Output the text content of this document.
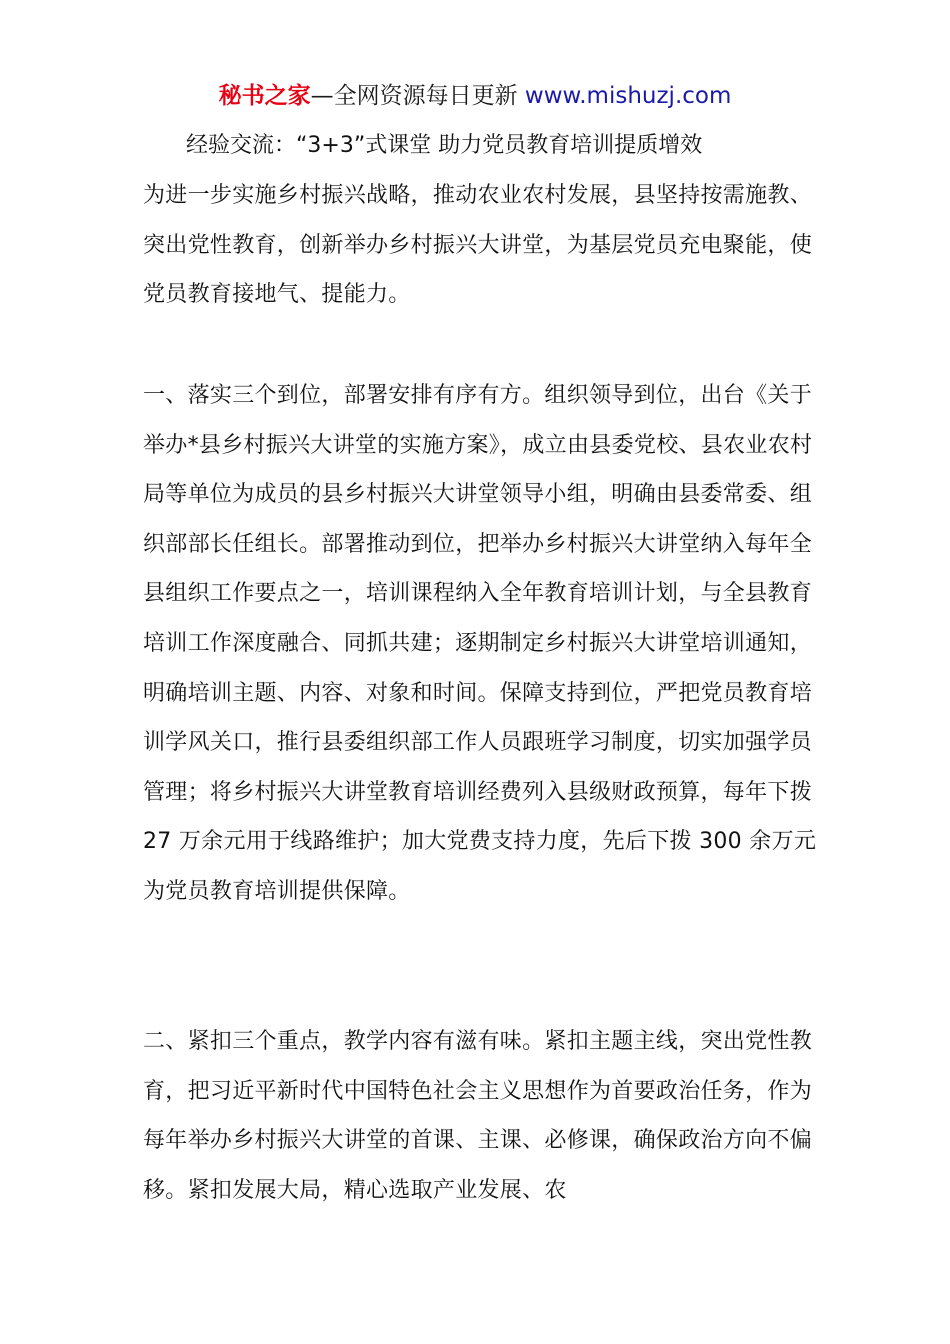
秘书之家—全网资源每日更新 www.mishuzj.com
经验交流：“3+3”式课堂 助力党员教育培训提质增效

为进一步实施乡村振兴战略，推动农业农村发展，县坚持按需施教、突出党性教育，创新举办乡村振兴大讲堂，为基层党员充电聚能，使党员教育接地气、提能力。

一、落实三个到位，部署安排有序有方。组织领导到位，出台《关于举办*县乡村振兴大讲堂的实施方案》，成立由县委党校、县农业农村局等单位为成员的县乡村振兴大讲堂领导小组，明确由县委常委、组织部部长任组长。部署推动到位，把举办乡村振兴大讲堂纳入每年全县组织工作要点之一，培训课程纳入全年教育培训计划，与全县教育培训工作深度融合、同抓共建；逐期制定乡村振兴大讲堂培训通知，明确培训主题、内容、对象和时间。保障支持到位，严把党员教育培训学风关口，推行县委组织部工作人员跟班学习制度，切实加强学员管理；将乡村振兴大讲堂教育培训经费列入县级财政预算，每年下拨 27 万余元用于线路维护；加大党费支持力度，先后下拨 300 余万元为党员教育培训提供保障。

二、紧扣三个重点，教学内容有滋有味。紧扣主题主线，突出党性教育，把习近平新时代中国特色社会主义思想作为首要政治任务，作为每年举办乡村振兴大讲堂的首课、主课、必修课，确保政治方向不偏移。紧扣发展大局，精心选取产业发展、农
